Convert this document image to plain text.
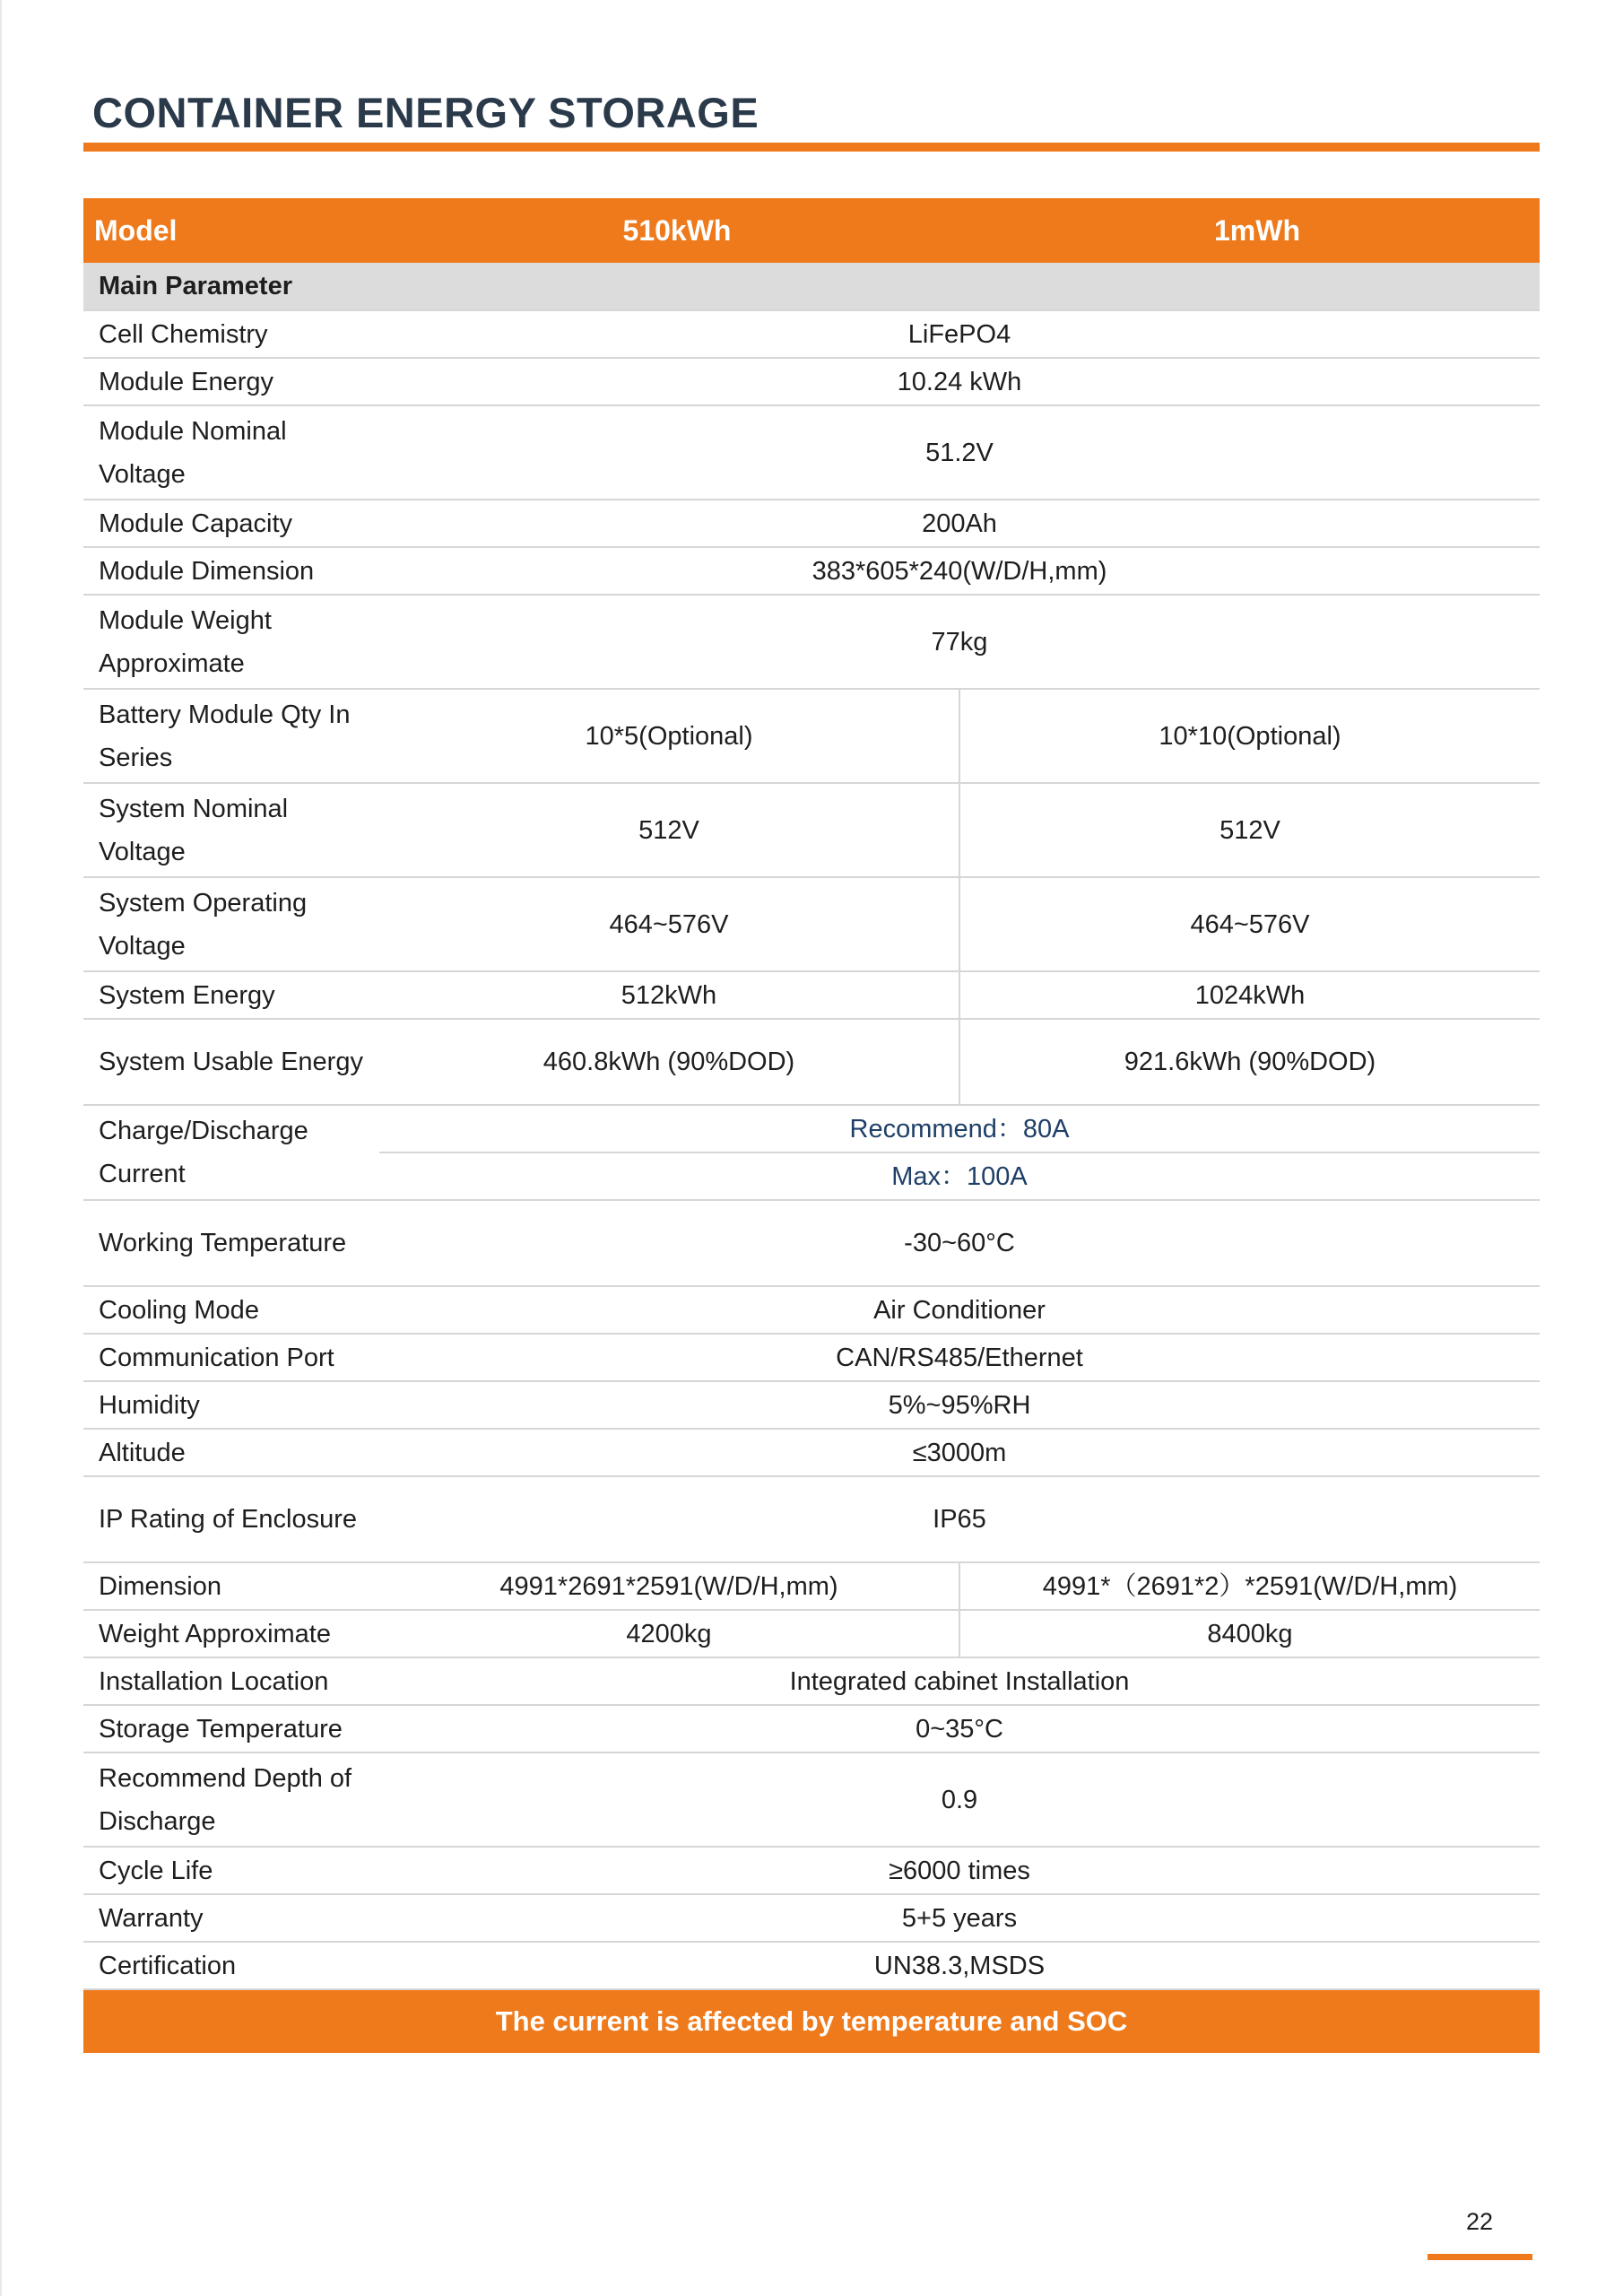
CONTAINER ENERGY STORAGE
Model	510kWh	1mWh
Main Parameter		
Cell Chemistry	LiFePO4	
Module Energy	10.24 kWh	
Module Nominal Voltage	51.2V	
Module Capacity	200Ah	
Module Dimension	383*605*240(W/D/H,mm)	
Module Weight Approximate	77kg	
Battery Module Qty In Series	10*5(Optional)	10*10(Optional)
System Nominal Voltage	512V	512V
System Operating Voltage	464~576V	464~576V
System Energy	512kWh	1024kWh
System Usable Energy	460.8kWh (90%DOD)	921.6kWh (90%DOD)
Charge/Discharge Current	Recommend：80A	
	Max：100A	
Working Temperature	-30~60°C	
Cooling Mode	Air Conditioner	
Communication Port	CAN/RS485/Ethernet	
Humidity	5%~95%RH	
Altitude	≤3000m	
IP Rating of Enclosure	IP65	
Dimension	4991*2691*2591(W/D/H,mm)	4991*（2691*2）*2591(W/D/H,mm)
Weight Approximate	4200kg	8400kg
Installation Location	Integrated cabinet Installation	
Storage Temperature	0~35°C	
Recommend Depth of Discharge	0.9	
Cycle Life	≥6000 times	
Warranty	5+5 years	
Certification	UN38.3,MSDS	
The current is affected by temperature and SOC		
22
